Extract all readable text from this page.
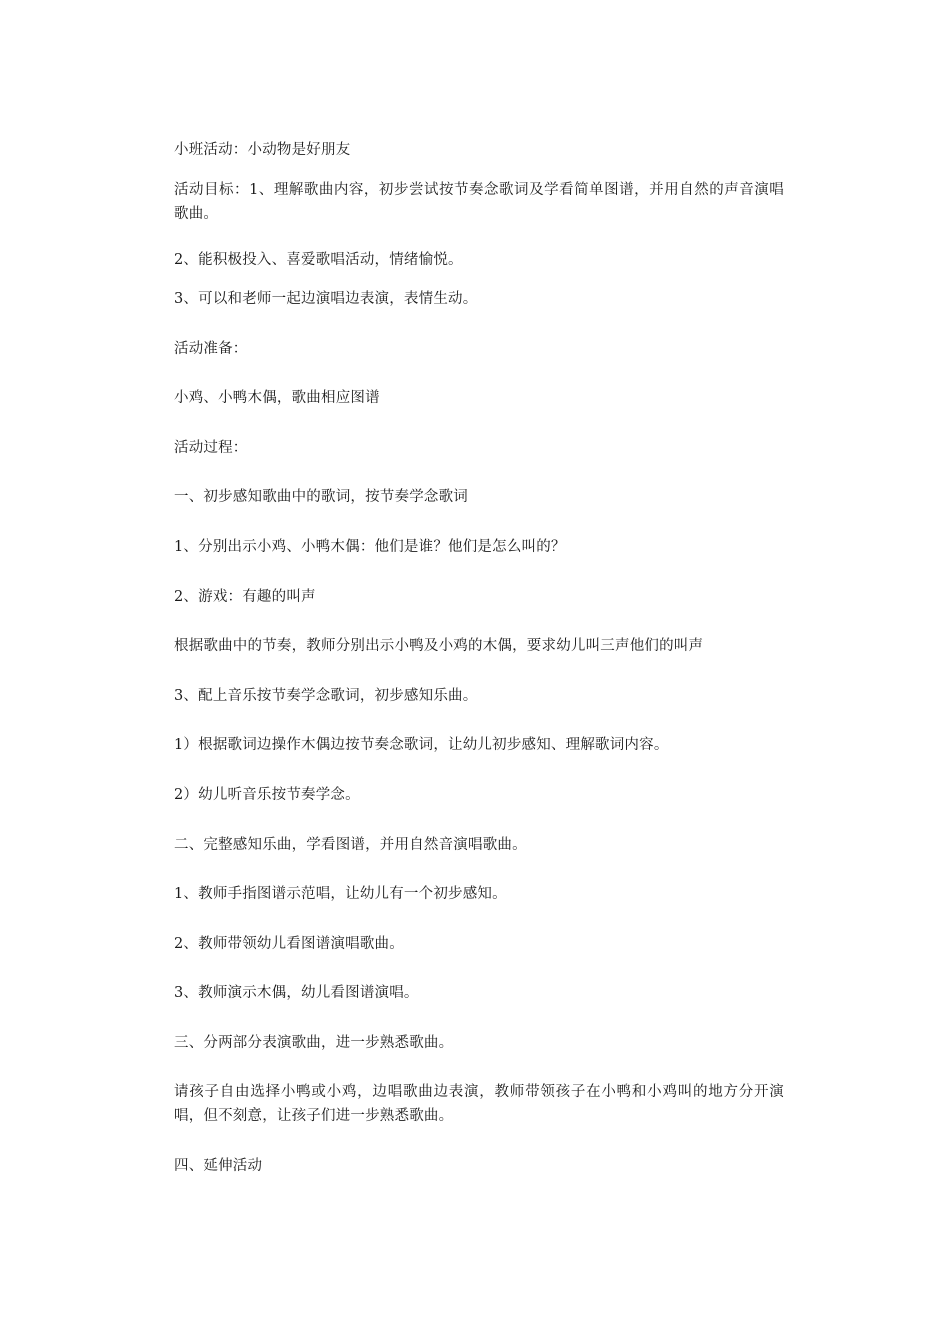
小班活动：小动物是好朋友
活动目标：1、理解歌曲内容，初步尝试按节奏念歌词及学看简单图谱，并用自然的声音演唱歌曲。
2、能积极投入、喜爱歌唱活动，情绪愉悦。
3、可以和老师一起边演唱边表演，表情生动。
活动准备：
小鸡、小鸭木偶，歌曲相应图谱
活动过程：
一、初步感知歌曲中的歌词，按节奏学念歌词
1、分别出示小鸡、小鸭木偶：他们是谁？他们是怎么叫的？
2、游戏：有趣的叫声
根据歌曲中的节奏，教师分别出示小鸭及小鸡的木偶，要求幼儿叫三声他们的叫声
3、配上音乐按节奏学念歌词，初步感知乐曲。
1）根据歌词边操作木偶边按节奏念歌词，让幼儿初步感知、理解歌词内容。
2）幼儿听音乐按节奏学念。
二、完整感知乐曲，学看图谱，并用自然音演唱歌曲。
1、教师手指图谱示范唱，让幼儿有一个初步感知。
2、教师带领幼儿看图谱演唱歌曲。
3、教师演示木偶，幼儿看图谱演唱。
三、分两部分表演歌曲，进一步熟悉歌曲。
请孩子自由选择小鸭或小鸡，边唱歌曲边表演，教师带领孩子在小鸭和小鸡叫的地方分开演唱，但不刻意，让孩子们进一步熟悉歌曲。
四、延伸活动
